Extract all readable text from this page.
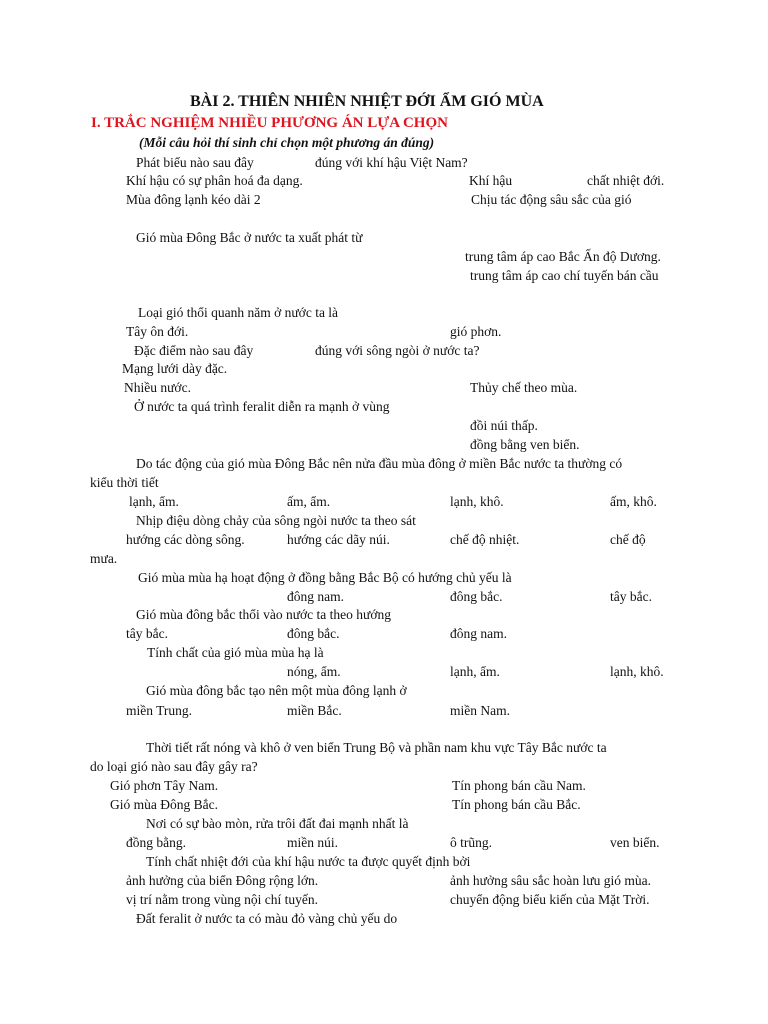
BÀI 2. THIÊN NHIÊN NHIỆT ĐỚI ẨM GIÓ MÙA
I. TRẮC NGHIỆM NHIỀU PHƯƠNG ÁN LỰA CHỌN
(Mỗi câu hỏi thí sinh chỉ chọn một phương án đúng)
Phát biểu nào sau đây	đúng với khí hậu Việt Nam?
Khí hậu có sự phân hoá đa dạng.	Khí hậu	chất nhiệt đới.
Mùa đông lạnh kéo dài 2	Chịu tác động sâu sắc của gió
Gió mùa Đông Bắc ở nước ta xuất phát từ
trung tâm áp cao Bắc Ấn độ Dương.
trung tâm áp cao chí tuyến bán cầu
Loại gió thổi quanh năm ở nước ta là
Tây ôn đới.	gió phơn.
Đặc điểm nào sau đây	đúng với sông ngòi ở nước ta?
Mạng lưới dày đặc.
Nhiều nước.	Thủy chế theo mùa.
Ở nước ta quá trình feralit diễn ra mạnh ở vùng
đồi núi thấp.
đồng bằng ven biển.
Do tác động của gió mùa Đông Bắc nên nửa đầu mùa đông ở miền Bắc nước ta thường có
kiểu thời tiết
lạnh, ẩm.	ấm, ẩm.	lạnh, khô.	ấm, khô.
Nhịp điệu dòng chảy của sông ngòi nước ta theo sát
hướng các dòng sông.	hướng các dãy núi.	chế độ nhiệt.	chế độ
mưa.
Gió mùa mùa hạ hoạt động ở đồng bằng Bắc Bộ có hướng chủ yếu là
đông nam.	đông bắc.	tây bắc.
Gió mùa đông bắc thổi vào nước ta theo hướng
tây bắc.	đông bắc.	đông nam.
Tính chất của gió mùa mùa hạ là
nóng, ẩm.	lạnh, ẩm.	lạnh, khô.
Gió mùa đông bắc tạo nên một mùa đông lạnh ở
miền Trung.	miền Bắc.	miền Nam.
Thời tiết rất nóng và khô ở ven biển Trung Bộ và phần nam khu vực Tây Bắc nước ta
do loại gió nào sau đây gây ra?
Gió phơn Tây Nam.	Tín phong bán cầu Nam.
Gió mùa Đông Bắc.	Tín phong bán cầu Bắc.
Nơi có sự bào mòn, rửa trôi đất đai mạnh nhất là
đồng bằng.	miền núi.	ô trũng.	ven biển.
Tính chất nhiệt đới của khí hậu nước ta được quyết định bởi
ảnh hưởng của biển Đông rộng lớn.	ảnh hưởng sâu sắc hoàn lưu gió mùa.
vị trí nằm trong vùng nội chí tuyến.	chuyển động biểu kiến của Mặt Trời.
Đất feralit ở nước ta có màu đỏ vàng chủ yếu do
